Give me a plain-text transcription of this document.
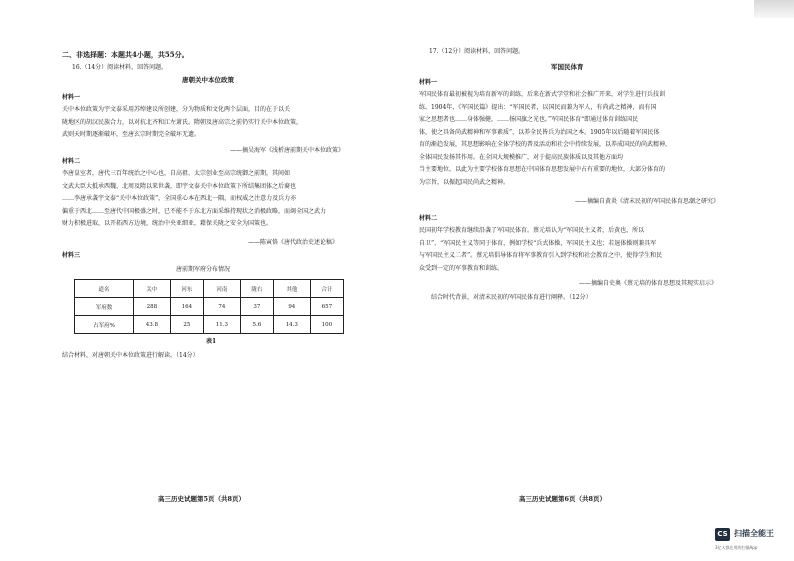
二、非选择题：本题共4小题，共55分。
16.（14分）阅读材料，回答问题。
唐朝关中本位政策
材料一
关中本位政策为宇文泰采用苏绰建议所创建，分为物质和文化两个层面，目的在于以关
陇地区的胡汉民族合力，以对抗北齐和江左萧氏。隋朝及唐高宗之前仍实行关中本位政策，
武则天时期逐渐破坏，至唐玄宗时期完全破坏无遗。
——摘吴海军《浅析唐前期关中本位政策》
材料二
李唐皇室者，唐代三百年统治之中心也，自高祖、太宗创业至高宗统御之前期，其间如
文武大臣大抵承西魏、北周及隋以来世袭，即宇文泰关中本位政策下所结集团体之后裔也
……李唐承袭宇文泰“关中本位政策”，全国重心本在西北一隅，而权威之注意力及兵力亦
偏重于西北……至唐代中国极盛之时，已不能不于东北方面采维持现状之消极政略，而竭全国之武力
财力积极进取，以开拓西方边境，统治中央亚细亚，藉保关陇之安全为国策也。
——陈寅恪《唐代政治史述论稿》
材料三
唐前期军府分布情况
道名	关中	河东	河南	陇右	其他	合计
军府数	288	164	74	37	94	657
占军府%	43.8	25	11.3	5.6	14.3	100
表1
结合材料，对唐朝关中本位政策进行解读。（14分）
高三历史试题第5页（共8页）
17.（12分）阅读材料，回答问题。
军国民体育
材料一
军国民体育最初被视为培育新军的训练，后来在新式学堂和社会推广开来，对学生进行兵技训
练。1904年，《军国民篇》提出：“军国民者，以国民而兼为军人，有尚武之精神，而有国
家之思想者也……身体强健，……扬国旗之光也。”军国民体育“即通过体育训练国民
体，使之具备尚武精神和军事素质”，以养全民皆兵为治国之本。1905年以后随着军国民体
育的渐趋发展，其思想影响在全体学校的普及活动和社会中持续发展，以养成国民的尚武精神，
全体国民发扬其作用。在全国大规模推广，对于提高民族体质以及其他方面均
当主要地位。以此为主要学校体育思想在中国体育思想发展中占有重要的地位，大部分体育的
为宗旨，以振起国民尚武之精神。
——摘编自黄炎《清末民初的军国民体育思潮之研究》
材料二
民国初年学校教育继续沿袭了军国民体育。蔡元培认为“军国民主义者，后黄也，所以
自卫”，“军国民主义等同于体育，例如学校“兵式体操，军国民主义也；若退体操则兼具军
与军国民主义二者”。蔡元培倡导体育将军事教育引入到学校和社会教育之中，使得学生和民
众受到一定的军事教育和训练。
——摘编自史奥《蔡元培的体育思想及其现实启示》
结合时代背景，对清末民初的军国民体育进行阐释。（12分）
高三历史试题第6页（共8页）
CS 扫描全能王
3亿人都在用的扫描App
